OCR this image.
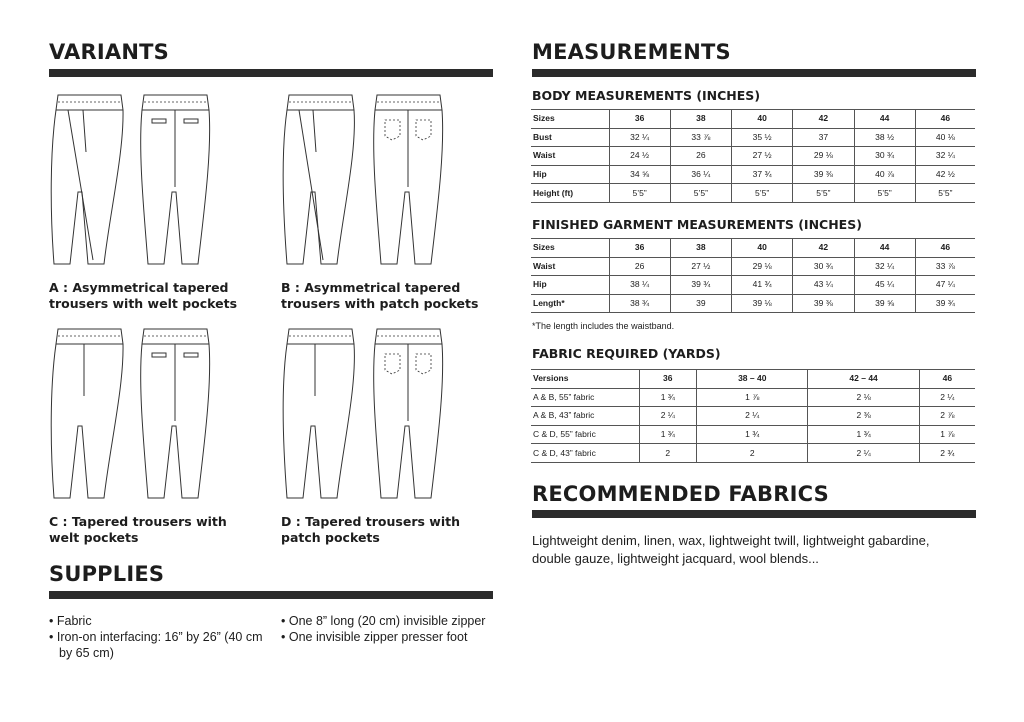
VARIANTS
A : Asymmetrical tapered trousers with welt pockets
B : Asymmetrical tapered trousers with patch pockets
C : Tapered trousers with welt pockets
D : Tapered trousers with patch pockets
SUPPLIES
• Fabric
• Iron-on interfacing: 16” by 26” (40 cm by 65 cm)
• One 8” long (20 cm) invisible zipper
• One invisible zipper presser foot
MEASUREMENTS
BODY MEASUREMENTS (INCHES)
Sizes	36	38	40	42	44	46
Bust	32 ¼	33 ⅞	35 ½	37	38 ½	40 ⅛
Waist	24 ½	26	27 ½	29 ⅛	30 ¾	32 ¼
Hip	34 ⅝	36 ¼	37 ¾	39 ⅜	40 ⅞	42 ½
Height (ft)	5’5”	5’5”	5’5”	5’5”	5’5”	5’5”
FINISHED GARMENT MEASUREMENTS (INCHES)
Sizes	36	38	40	42	44	46
Waist	26	27 ½	29 ⅛	30 ¾	32 ¼	33 ⅞
Hip	38 ¼	39 ¾	41 ¾	43 ¼	45 ¼	47 ¼
Length*	38 ¾	39	39 ⅛	39 ⅜	39 ⅝	39 ¾
*The length includes the waistband.
FABRIC REQUIRED (YARDS)
Versions	36	38 – 40	42 – 44	46
A & B, 55” fabric	1 ¾	1 ⅞	2 ⅛	2 ¼
A & B, 43” fabric	2 ¼	2 ¼	2 ⅜	2 ⅞
C & D, 55” fabric	1 ¾	1 ¾	1 ¾	1 ⅞
C & D, 43” fabric	2	2	2 ¼	2 ¾
RECOMMENDED FABRICS
Lightweight denim, linen, wax, lightweight twill, lightweight gabardine, double gauze, lightweight jacquard, wool blends...
